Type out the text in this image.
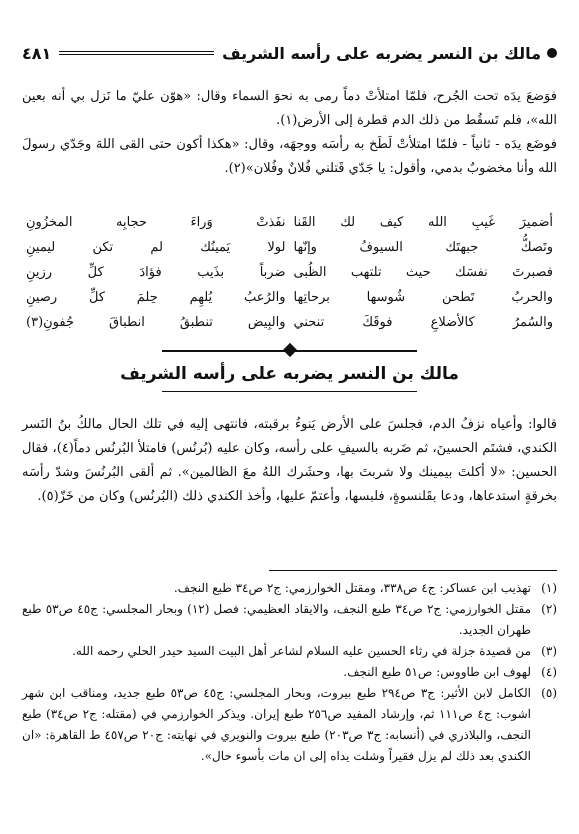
مالك بن النسر يضربه على رأسه الشريف
٤٨١

فوَضعَ يدَه تحت الجُرح، فلمّا امتلأتْ دماً رمى به نحوَ السماء وقال: «هوّن عليّ ما نَزل بي أنه بعين الله»، فلم تَسقُط من ذلك الدم قطرة إلى الأرض(١).

فوضَع يدَه - ثانياً - فلمّا امتلأتْ لَطَخ به رأسَه ووجهَه، وقال: «هكذا أكون حتى القى اللهَ وجَدّي رسولَ الله وأنا مخضوبٌ بدمي، وأقول: يا جَدّي قَتلني فُلانٌ وفُلان»(٢).

أضميرَ غَيبِ الله كيف لك القَنا
نفَذتْ وَراءَ حجابِه المخزُونِ
وتَصكُّ جبهتَك السيوفُ وإنّها
لولا يَمينُك لم تكن ليمينِ
فصبرتَ نفسَك حيث تلتهب الظُبى
ضرباً بذَيب فؤادَ كلِّ رزينِ
والحربُ تَطحن شُوسها برحاتِها
والرُعبُ يُلهِم حِلمَ كلِّ رصينِ
والسُمرُ كالأضلاعِ فوقَكَ تنحني
والبِيض تنطبقُ انطباقَ جُفونِ(٣)
مالك بن النسر يضربه على رأسه الشريف

قالوا: وأعياه نزفُ الدم، فجلسَ على الأرض يَنوءُ برقبته، فانتهى إليه في تلك الحال مالكُ بنُ النَسر الكندي، فشتَم الحسينَ، ثم ضَربه بالسيفِ على رأسه، وكان عليه (بُرنُس) فامتلأ البُرنُس دماً(٤)، فقال الحسين: «لا أكلتَ بيمينك ولا شربتَ بها، وحشَرك اللهُ معَ الظالمين». ثم ألقى البُرنُسَ وشدّ رأسَه بخرقةٍ استدعاها، ودعا بقَلنسوةٍ، فلبسها، وأعتمّ عليها، وأخذ الكندي ذلك (البُرنُس) وكان من خَزّ(٥).

(١)
تهذيب ابن عساكر: ج٤ ص٣٣٨، ومقتل الخوارزمي: ج٢ ص٣٤ طبع النجف.
(٢)
مقتل الخوارزمي: ج٢ ص٣٤ طبع النجف، والايقاد العظيمي: فصل (١٢) وبحار المجلسي: ج٤٥ ص٥٣ طبع طهران الجديد.
(٣)
من قصيدة جزلة في رثاء الحسين عليه السلام لشاعر أهل البيت السيد حيدر الحلي رحمه الله.
(٤)
لهوف ابن طاووس: ص٥١ طبع النجف.
(٥)
الكامل لابن الأثير: ج٣ ص٢٩٤ طبع بيروت، وبحار المجلسي: ج٤٥ ص٥٣ طبع جديد، ومناقب ابن شهر اشوب: ج٤ ص١١١ ثم، وإرشاد المفيد ص٢٥٦ طبع إيران. ويذكر الخوارزمي في (مقتله: ج٢ ص٣٤) طبع النجف، والبلاذري في (أنسابه: ج٣ ص٢٠٣) طبع بيروت والنويري في نهايته: ج٢٠ ص٤٥٧ ط القاهرة: «ان الكندي بعد ذلك لم يزل فقيراً وشلت يداه إلى ان مات بأسوء حال».
